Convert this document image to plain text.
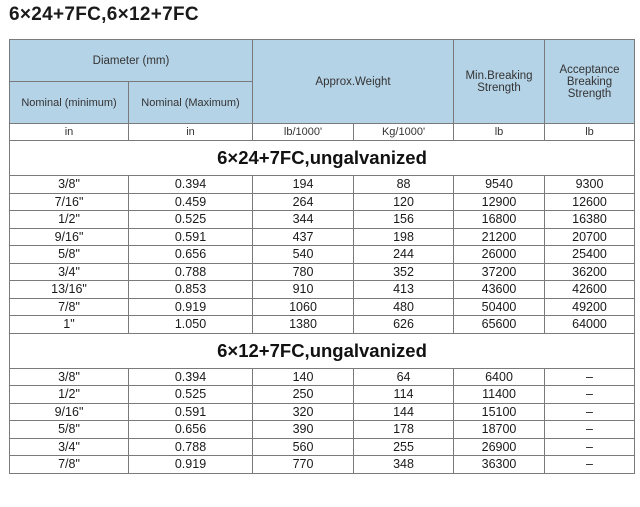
6×24+7FC,6×12+7FC
Diameter (mm)		Approx.Weight		Min.Breaking Strength	Acceptance Breaking Strength
Nominal (minimum)	Nominal (Maximum)				
in	in	lb/1000'	Kg/1000'	lb	lb
6×24+7FC,ungalvanized					
3/8"	0.394	194	88	9540	9300
7/16"	0.459	264	120	12900	12600
1/2"	0.525	344	156	16800	16380
9/16"	0.591	437	198	21200	20700
5/8"	0.656	540	244	26000	25400
3/4"	0.788	780	352	37200	36200
13/16"	0.853	910	413	43600	42600
7/8"	0.919	1060	480	50400	49200
1"	1.050	1380	626	65600	64000
6×12+7FC,ungalvanized					
3/8"	0.394	140	64	6400	–
1/2"	0.525	250	114	11400	–
9/16"	0.591	320	144	15100	–
5/8"	0.656	390	178	18700	–
3/4"	0.788	560	255	26900	–
7/8"	0.919	770	348	36300	–
